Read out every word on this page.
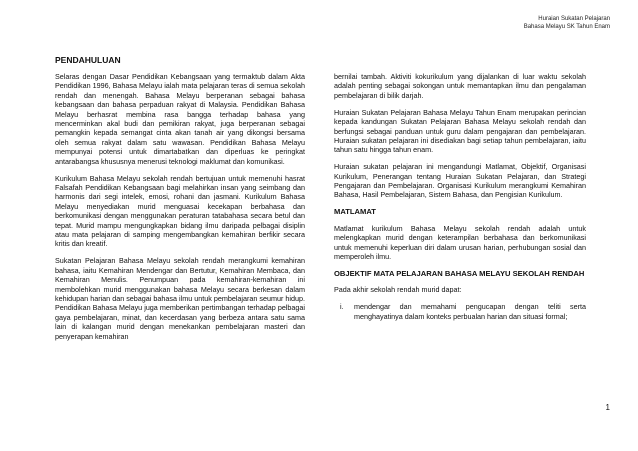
Huraian Sukatan Pelajaran
Bahasa Melayu SK Tahun Enam
PENDAHULUAN

Selaras dengan Dasar Pendidikan Kebangsaan yang termaktub dalam Akta Pendidikan 1996, Bahasa Melayu ialah mata pelajaran teras di semua sekolah rendah dan menengah. Bahasa Melayu berperanan sebagai bahasa kebangsaan dan bahasa perpaduan rakyat di Malaysia. Pendidikan Bahasa Melayu berhasrat membina rasa bangga terhadap bahasa yang mencerminkan akal budi dan pemikiran rakyat, juga berperanan sebagai pemangkin kepada semangat cinta akan tanah air yang dikongsi bersama oleh semua rakyat dalam satu wawasan. Pendidikan Bahasa Melayu mempunyai potensi untuk dimartabatkan dan diperluas ke peringkat antarabangsa khususnya menerusi teknologi maklumat dan komunikasi.

Kurikulum Bahasa Melayu sekolah rendah bertujuan untuk memenuhi hasrat Falsafah Pendidikan Kebangsaan bagi melahirkan insan yang seimbang dan harmonis dari segi intelek, emosi, rohani dan jasmani. Kurikulum Bahasa Melayu menyediakan murid menguasai kecekapan berbahasa dan berkomunikasi dengan menggunakan peraturan tatabahasa secara betul dan tepat. Murid mampu mengungkapkan bidang ilmu daripada pelbagai disiplin atau mata pelajaran di samping mengembangkan kemahiran berfikir secara kritis dan kreatif.

Sukatan Pelajaran Bahasa Melayu sekolah rendah merangkumi kemahiran bahasa, iaitu Kemahiran Mendengar dan Bertutur, Kemahiran Membaca, dan Kemahiran Menulis. Penumpuan pada kemahiran-kemahiran ini membolehkan murid menggunakan bahasa Melayu secara berkesan dalam kehidupan harian dan sebagai bahasa ilmu untuk pembelajaran seumur hidup. Pendidikan Bahasa Melayu juga memberikan pertimbangan terhadap pelbagai gaya pembelajaran, minat, dan kecerdasan yang berbeza antara satu sama lain di kalangan murid dengan menekankan pembelajaran masteri dan penyerapan kemahiran

bernilai tambah. Aktiviti kokurikulum yang dijalankan di luar waktu sekolah adalah penting sebagai sokongan untuk memantapkan ilmu dan pengalaman pembelajaran di bilik darjah.

Huraian Sukatan Pelajaran Bahasa Melayu Tahun Enam merupakan perincian kepada kandungan Sukatan Pelajaran Bahasa Melayu sekolah rendah dan berfungsi sebagai panduan untuk guru dalam pengajaran dan pembelajaran. Huraian sukatan pelajaran ini disediakan bagi setiap tahun pembelajaran, iaitu tahun satu hingga tahun enam.

Huraian sukatan pelajaran ini mengandungi Matlamat, Objektif, Organisasi Kurikulum, Penerangan tentang Huraian Sukatan Pelajaran, dan Strategi Pengajaran dan Pembelajaran. Organisasi Kurikulum merangkumi Kemahiran Bahasa, Hasil Pembelajaran, Sistem Bahasa, dan Pengisian Kurikulum.

MATLAMAT

Matlamat kurikulum Bahasa Melayu sekolah rendah adalah untuk melengkapkan murid dengan keterampilan berbahasa dan berkomunikasi untuk memenuhi keperluan diri dalam urusan harian, perhubungan sosial dan memperoleh ilmu.

OBJEKTIF MATA PELAJARAN BAHASA MELAYU SEKOLAH RENDAH

Pada akhir sekolah rendah murid dapat:

i.	mendengar dan memahami pengucapan dengan teliti serta menghayatinya dalam konteks perbualan harian dan situasi formal;
1
